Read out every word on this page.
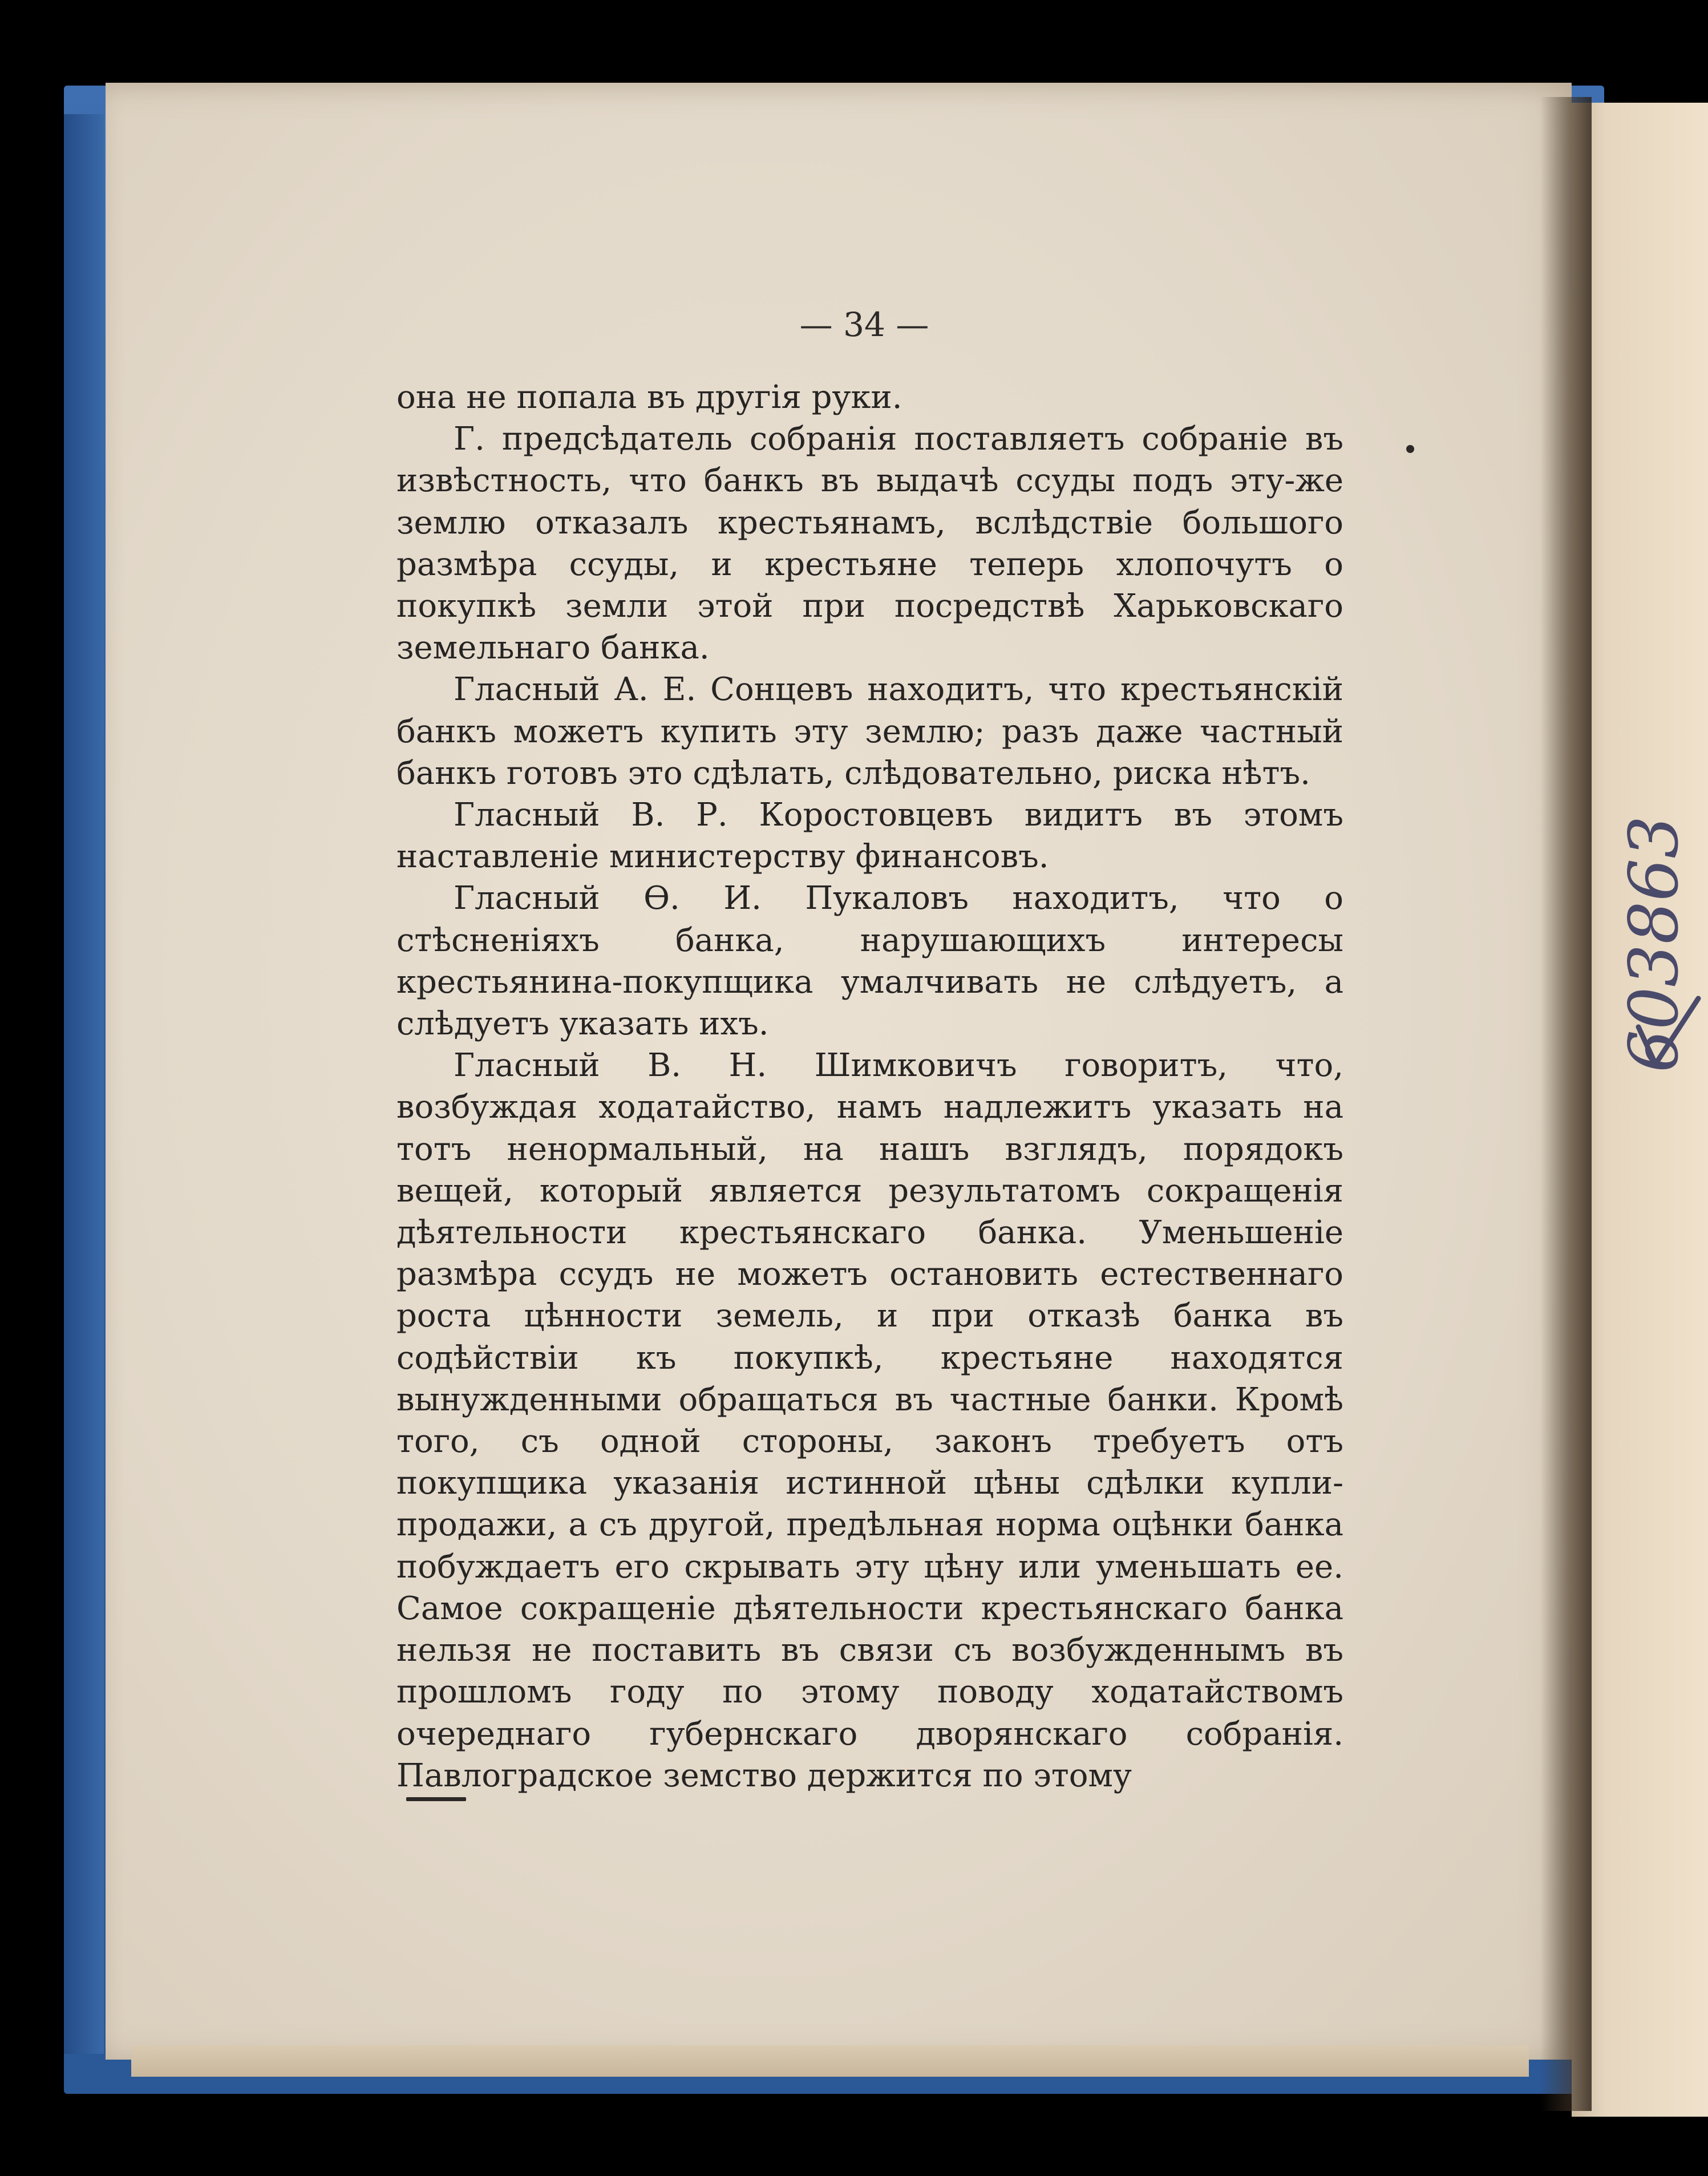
— 34 —

она не попала въ другія руки.

Г. предсѣдатель собранія поставляетъ собраніе въ извѣстность, что банкъ въ выдачѣ ссуды подъ эту-же землю отказалъ крестьянамъ, вслѣдствіе большого размѣра ссуды, и крестьяне теперь хлопочутъ о покупкѣ земли этой при посредствѣ Харьковскаго земельнаго банка.

Гласный А. Е. Сонцевъ находитъ, что крестьянскій банкъ можетъ купить эту землю; разъ даже частный банкъ готовъ это сдѣлать, слѣдовательно, риска нѣтъ.

Гласный В. Р. Коростовцевъ видитъ въ этомъ наставленіе министерству финансовъ.

Гласный Ѳ. И. Пукаловъ находитъ, что о стѣсненіяхъ банка, нарушающихъ интересы крестьянина-покупщика умалчивать не слѣдуетъ, а слѣдуетъ указать ихъ.

Гласный В. Н. Шимковичъ говоритъ, что, возбуждая ходатайство, намъ надлежитъ указать на тотъ ненормальный, на нашъ взглядъ, порядокъ вещей, который является результатомъ сокращенія дѣятельности крестьянскаго банка. Уменьшеніе размѣра ссудъ не можетъ остановить естественнаго роста цѣнности земель, и при отказѣ банка въ содѣйствіи къ покупкѣ, крестьяне находятся вынужденными обращаться въ частные банки. Кромѣ того, съ одной стороны, законъ требуетъ отъ покупщика указанія истинной цѣны сдѣлки купли-продажи, а съ другой, предѣльная норма оцѣнки банка побуждаетъ его скрывать эту цѣну или уменьшать ее. Самое сокращеніе дѣятельности крестьянскаго банка нельзя не поставить въ связи съ возбужденнымъ въ прошломъ году по этому поводу ходатайствомъ очереднаго губернскаго дворянскаго собранія. Павлоградское земство держится по этому

603863
